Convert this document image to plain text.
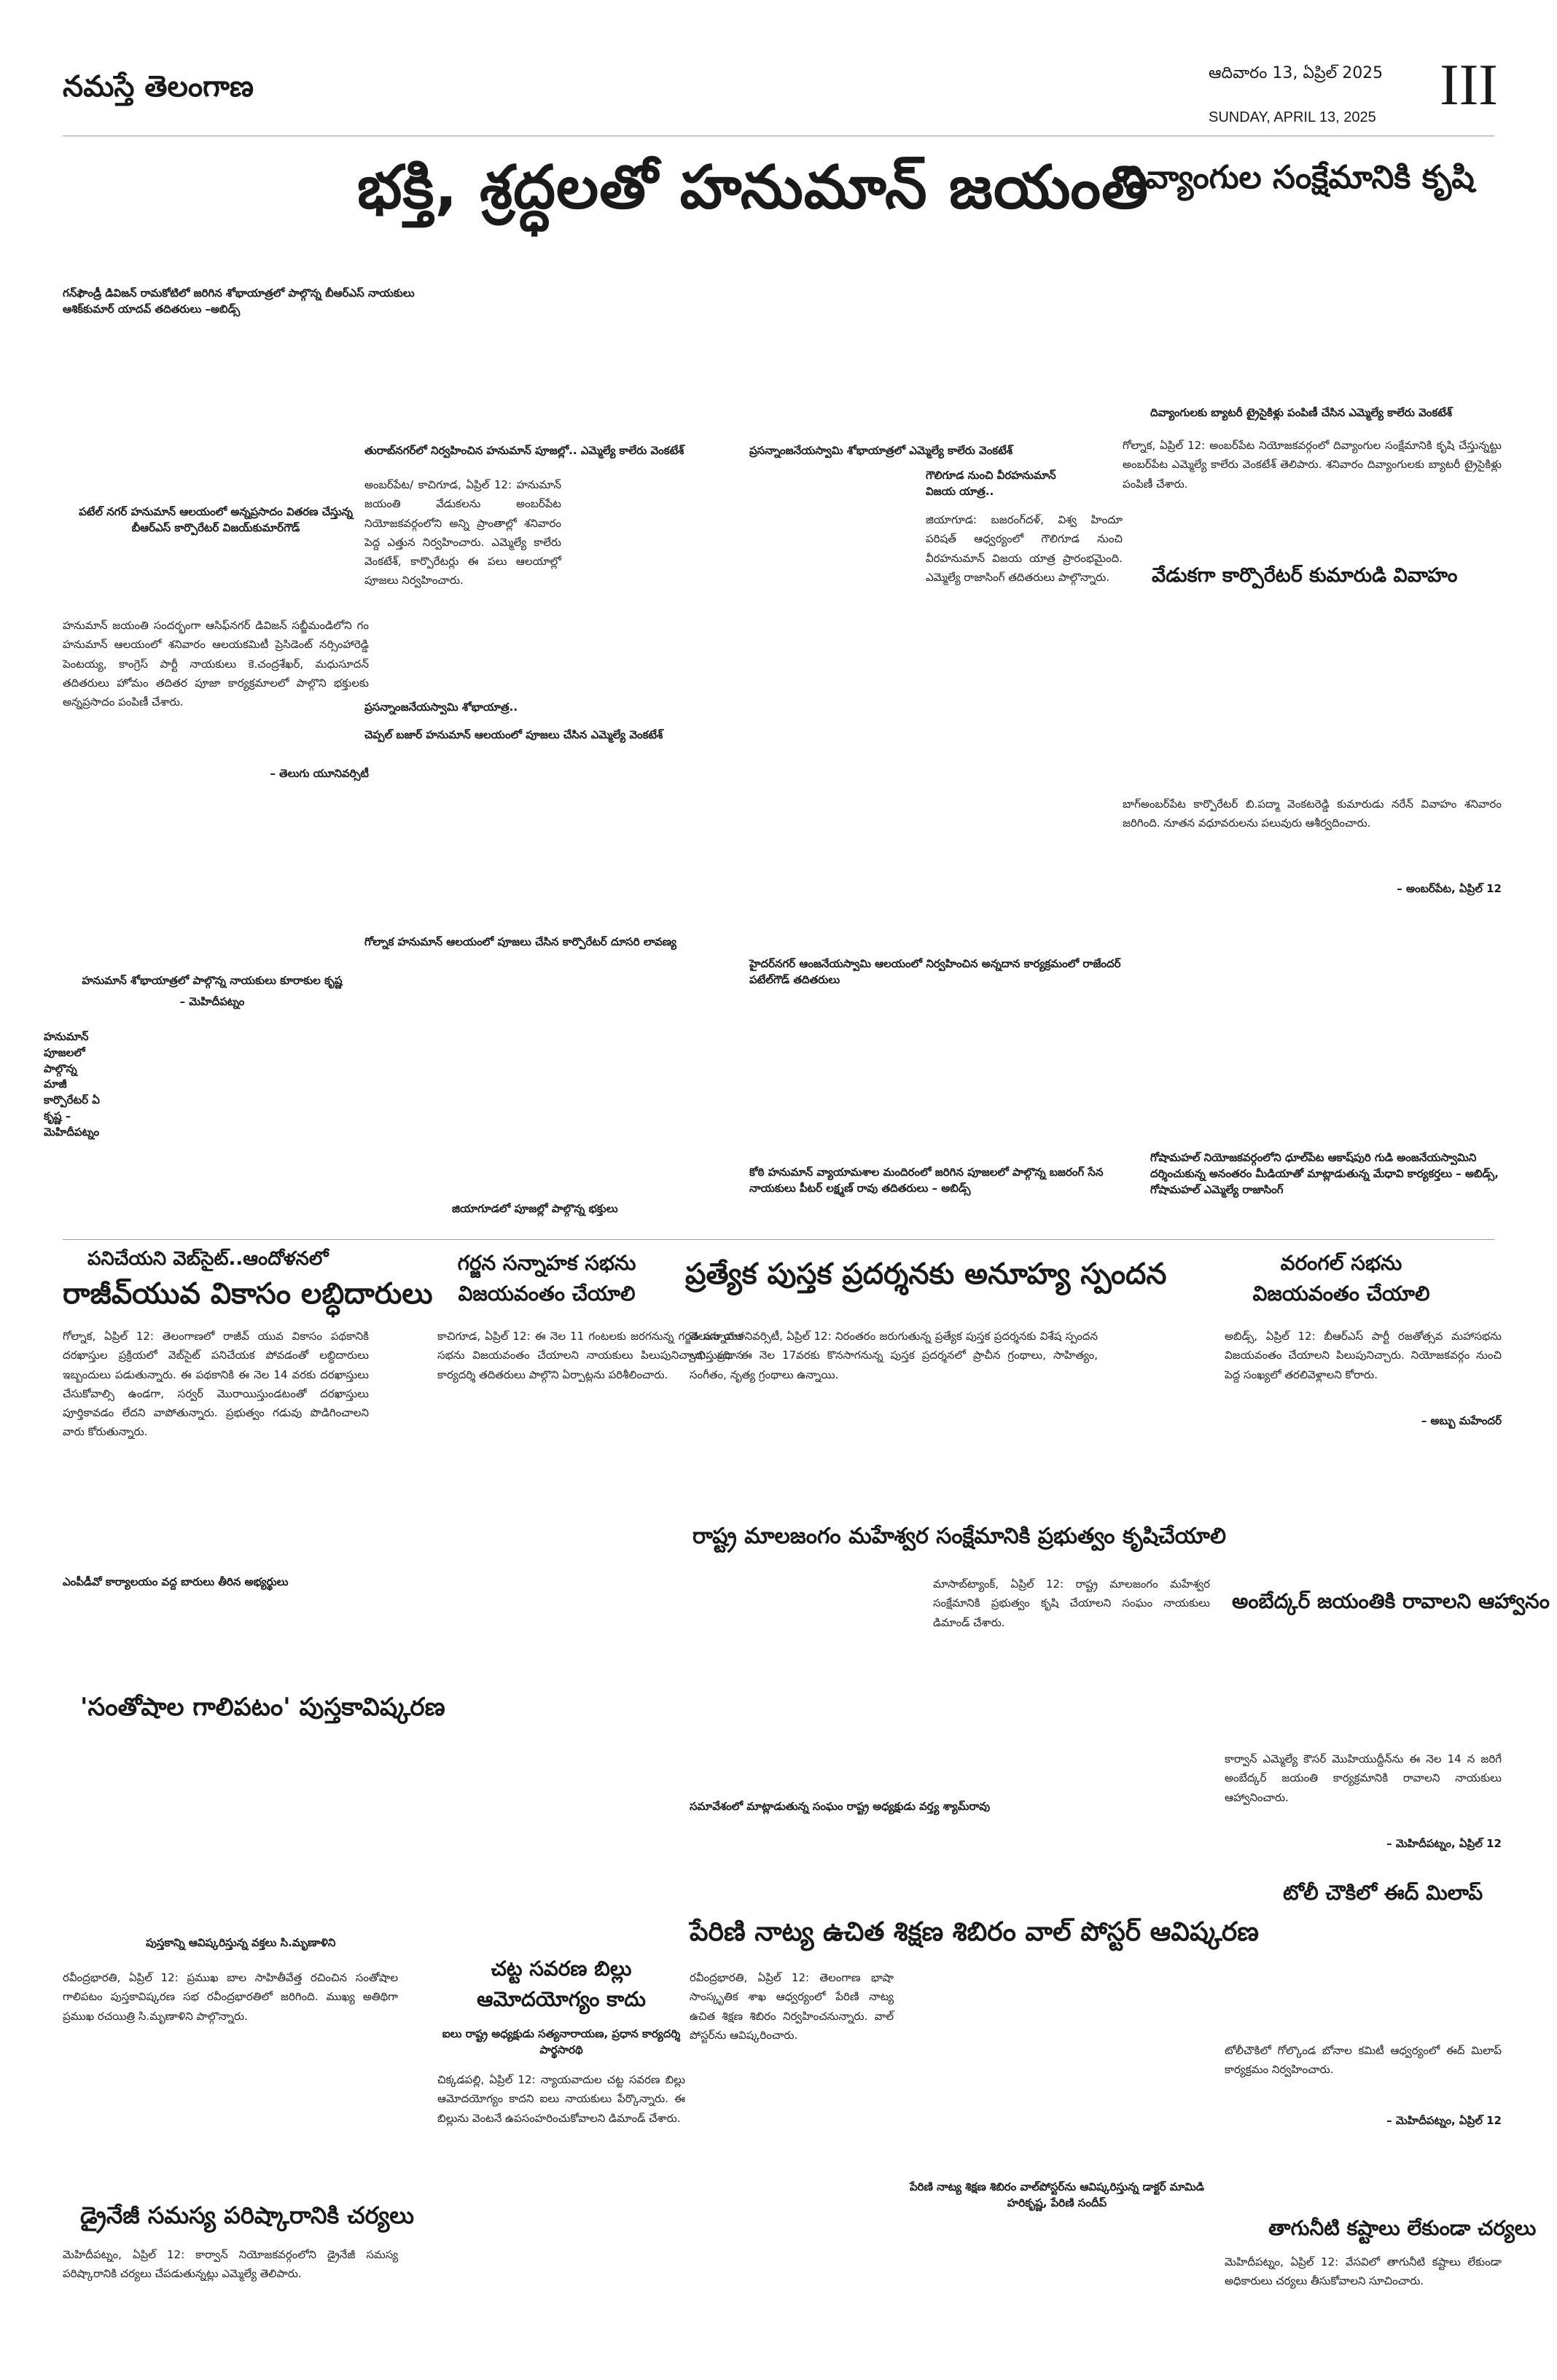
నమస్తే తెలంగాణ	ఆదివారం 13, ఏప్రిల్ 2025
SUNDAY, APRIL 13, 2025 III
భక్తి, శ్రద్ధలతో హనుమాన్ జయంతి
దివ్యాంగుల సంక్షేమానికి కృషి
గన్‌ఫౌండ్రీ డివిజన్ రామకోటిలో జరిగిన శోభాయాత్రలో పాల్గొన్న బీఆర్ఎస్ నాయకులు ఆశిక్‌కుమార్ యాదవ్ తదితరులు –అబిడ్స్
పటేల్ నగర్ హనుమాన్ ఆలయంలో అన్నప్రసాదం వితరణ చేస్తున్న బీఆర్ఎస్ కార్పొరేటర్ విజయ్‌కుమార్‌గౌడ్
తురాబ్‌నగర్‌లో నిర్వహించిన హనుమాన్ పూజల్లో.. ఎమ్మెల్యే కాలేరు వెంకటేశ్	ప్రసన్నాంజనేయస్వామి శోభాయాత్రలో ఎమ్మెల్యే కాలేరు వెంకటేశ్
దివ్యాంగులకు బ్యాటరీ ట్రైసైకిళ్లు పంపిణీ చేసిన ఎమ్మెల్యే కాలేరు వెంకటేశ్
హనుమాన్ జయంతి సందర్భంగా ఆసిఫ్‌నగర్ డివిజన్ సబ్జీమండిలోని గం హనుమాన్ ఆలయంలో శనివారం ఆలయకమిటీ ప్రెసిడెంట్ నర్సింహారెడ్డి పెంటయ్య, కాంగ్రెస్ పార్టీ నాయకులు కె.చంద్రశేఖర్, మధుసూదన్ తదితరులు హోమం తదితర పూజా కార్యక్రమాలలో పాల్గొని భక్తులకు అన్నప్రసాదం పంపిణీ చేశారు.
– తెలుగు యూనివర్సిటీ
అంబర్‌పేట/ కాచిగూడ, ఏప్రిల్ 12: హనుమాన్ జయంతి వేడుకలను అంబర్‌పేట నియోజకవర్గంలోని అన్ని ప్రాంతాల్లో శనివారం పెద్ద ఎత్తున నిర్వహించారు. ఎమ్మెల్యే కాలేరు వెంకటేశ్, కార్పొరేటర్లు ఈ పలు ఆలయాల్లో పూజలు నిర్వహించారు.
ప్రసన్నాంజనేయస్వామి శోభాయాత్ర..
చెప్పల్ బజార్ హనుమాన్ ఆలయంలో పూజలు చేసిన ఎమ్మెల్యే వెంకటేశ్
గౌలిగూడ నుంచి వీరహనుమాన్ విజయ యాత్ర..
జియాగూడ: బజరంగ్‌దళ్, విశ్వ హిందూ పరిషత్ ఆధ్వర్యంలో గౌలిగూడ నుంచి వీరహనుమాన్ విజయ యాత్ర ప్రారంభమైంది. ఎమ్మెల్యే రాజాసింగ్ తదితరులు పాల్గొన్నారు.
గోల్నాక, ఏప్రిల్ 12: అంబర్‌పేట నియోజకవర్గంలో దివ్యాంగుల సంక్షేమానికి కృషి చేస్తున్నట్టు అంబర్‌పేట ఎమ్మెల్యే కాలేరు వెంకటేశ్ తెలిపారు. శనివారం దివ్యాంగులకు బ్యాటరీ ట్రైసైకిళ్లు పంపిణీ చేశారు.
వేడుకగా కార్పొరేటర్ కుమారుడి వివాహం
బాగ్‌అంబర్‌పేట కార్పొరేటర్ బి.పద్మా వెంకటరెడ్డి కుమారుడు నరేన్ వివాహం శనివారం జరిగింది. నూతన వధూవరులను పలువురు ఆశీర్వదించారు.
– అంబర్‌పేట, ఏప్రిల్ 12
గోల్నాక హనుమాన్ ఆలయంలో పూజలు చేసిన కార్పొరేటర్ దూసరి లావణ్య
హనుమాన్ శోభాయాత్రలో పాల్గొన్న నాయకులు కూరాకుల కృష్ణ
– మెహిదీపట్నం
హైదర్‌నగర్ ఆంజనేయస్వామి ఆలయంలో నిర్వహించిన అన్నదాన కార్యక్రమంలో రాజేందర్ పటేల్‌గౌడ్ తదితరులు
హనుమాన్ పూజలలో పాల్గొన్న మాజీ కార్పొరేటర్ ఏ కృష్ణ – మెహిదీపట్నం
జియాగూడలో పూజల్లో పాల్గొన్న భక్తులు
కోఠి హనుమాన్ వ్యాయామశాల మందిరంలో జరిగిన పూజలలో పాల్గొన్న బజరంగ్ సేన నాయకులు పీటర్ లక్ష్మణ్ రావు తదితరులు – అబిడ్స్
గోషామహల్ నియోజకవర్గంలోని ధూల్‌పేట ఆకాష్‌పురి గుడి అంజనేయస్వామిని దర్శించుకున్న అనంతరం మీడియాతో మాట్లాడుతున్న మేధావి కార్యకర్తలు – అబిడ్స్, గోషామహల్ ఎమ్మెల్యే రాజాసింగ్
పనిచేయని వెబ్‌సైట్..ఆందోళనలో
రాజీవ్‌యువ వికాసం లబ్ధిదారులు
గోల్నాక, ఏప్రిల్ 12: తెలంగాణలో రాజీవ్ యువ వికాసం పథకానికి దరఖాస్తుల ప్రక్రియలో వెబ్‌సైట్ పనిచేయక పోవడంతో లబ్ధిదారులు ఇబ్బందులు పడుతున్నారు. ఈ పథకానికి ఈ నెల 14 వరకు దరఖాస్తులు చేసుకోవాల్సి ఉండగా, సర్వర్ మొరాయిస్తుండటంతో దరఖాస్తులు పూర్తికావడం లేదని వాపోతున్నారు. ప్రభుత్వం గడువు పొడిగించాలని వారు కోరుతున్నారు.
ఎంపీడీవో కార్యాలయం వద్ద బారులు తీరిన అభ్యర్థులు
గర్జన సన్నాహక సభను విజయవంతం చేయాలి
కాచిగూడ, ఏప్రిల్ 12: ఈ నెల 11 గంటలకు జరగనున్న గర్జన సన్నాహక సభను విజయవంతం చేయాలని నాయకులు పిలుపునిచ్చారు. ప్రధాన కార్యదర్శి తదితరులు పాల్గొని ఏర్పాట్లను పరిశీలించారు.
ప్రత్యేక పుస్తక ప్రదర్శనకు అనూహ్య స్పందన
తెలుగు యూనివర్సిటీ, ఏప్రిల్ 12: నిరంతరం జరుగుతున్న ప్రత్యేక పుస్తక ప్రదర్శనకు విశేష స్పందన లభిస్తుంది. ఈ నెల 17వరకు కొనసాగనున్న పుస్తక ప్రదర్శనలో ప్రాచీన గ్రంథాలు, సాహిత్యం, సంగీతం, నృత్య గ్రంథాలు ఉన్నాయి.
వరంగల్ సభను విజయవంతం చేయాలి
అబిడ్స్, ఏప్రిల్ 12: బీఆర్ఎస్ పార్టీ రజతోత్సవ మహాసభను విజయవంతం చేయాలని పిలుపునిచ్చారు. నియోజకవర్గం నుంచి పెద్ద సంఖ్యలో తరలివెళ్లాలని కోరారు.
– అబ్బు మహేందర్
అంబేద్కర్ జయంతికి రావాలని ఆహ్వానం
కార్వాన్ ఎమ్మెల్యే కౌసర్ మొహియుద్దీన్‌ను ఈ నెల 14 న జరిగే అంబేద్కర్ జయంతి కార్యక్రమానికి రావాలని నాయకులు ఆహ్వానించారు.
– మెహిదీపట్నం, ఏప్రిల్ 12
టోలీ చౌకిలో ఈద్ మిలాప్
టోలీచౌకిలో గోల్కొండ బోనాల కమిటీ ఆధ్వర్యంలో ఈద్ మిలాప్ కార్యక్రమం నిర్వహించారు.
– మెహిదీపట్నం, ఏప్రిల్ 12
రాష్ట్ర మాలజంగం మహేశ్వర సంక్షేమానికి ప్రభుత్వం కృషిచేయాలి
మాసాబ్‌ట్యాంక్, ఏప్రిల్ 12: రాష్ట్ర మాలజంగం మహేశ్వర సంక్షేమానికి ప్రభుత్వం కృషి చేయాలని సంఘం నాయకులు డిమాండ్ చేశారు.
సమావేశంలో మాట్లాడుతున్న సంఘం రాష్ట్ర అధ్యక్షుడు వర్త్య శ్యామ్‌రావు
'సంతోషాల గాలిపటం' పుస్తకావిష్కరణ
పుస్తకాన్ని ఆవిష్కరిస్తున్న వక్తలు సి.మృణాళిని
రవీంద్రభారతి, ఏప్రిల్ 12: ప్రముఖ బాల సాహితీవేత్త రచించిన సంతోషాల గాలిపటం పుస్తకావిష్కరణ సభ రవీంద్రభారతిలో జరిగింది. ముఖ్య అతిథిగా ప్రముఖ రచయిత్రి సి.మృణాళిని పాల్గొన్నారు.
చట్ట సవరణ బిల్లు ఆమోదయోగ్యం కాదు
ఐలు రాష్ట్ర అధ్యక్షుడు సత్యనారాయణ, ప్రధాన కార్యదర్శి పార్థసారథి
చిక్కడపల్లి, ఏప్రిల్ 12: న్యాయవాదుల చట్ట సవరణ బిల్లు ఆమోదయోగ్యం కాదని ఐలు నాయకులు పేర్కొన్నారు. ఈ బిల్లును వెంటనే ఉపసంహరించుకోవాలని డిమాండ్ చేశారు.
పేరిణి నాట్య ఉచిత శిక్షణ శిబిరం వాల్ పోస్టర్ ఆవిష్కరణ
రవీంద్రభారతి, ఏప్రిల్ 12: తెలంగాణ భాషా సాంస్కృతిక శాఖ ఆధ్వర్యంలో పేరిణి నాట్య ఉచిత శిక్షణ శిబిరం నిర్వహించనున్నారు. వాల్ పోస్టర్‌ను ఆవిష్కరించారు.
పేరిణి నాట్య శిక్షణ శిబిరం వాల్‌పోస్టర్‌ను ఆవిష్కరిస్తున్న డాక్టర్ మామిడి హరికృష్ణ, పేరిణి సందీప్
డ్రైనేజీ సమస్య పరిష్కారానికి చర్యలు
మెహిదీపట్నం, ఏప్రిల్ 12: కార్వాన్ నియోజకవర్గంలోని డ్రైనేజీ సమస్య పరిష్కారానికి చర్యలు చేపడుతున్నట్లు ఎమ్మెల్యే తెలిపారు.
తాగునీటి కష్టాలు లేకుండా చర్యలు
మెహిదీపట్నం, ఏప్రిల్ 12: వేసవిలో తాగునీటి కష్టాలు లేకుండా అధికారులు చర్యలు తీసుకోవాలని సూచించారు.
